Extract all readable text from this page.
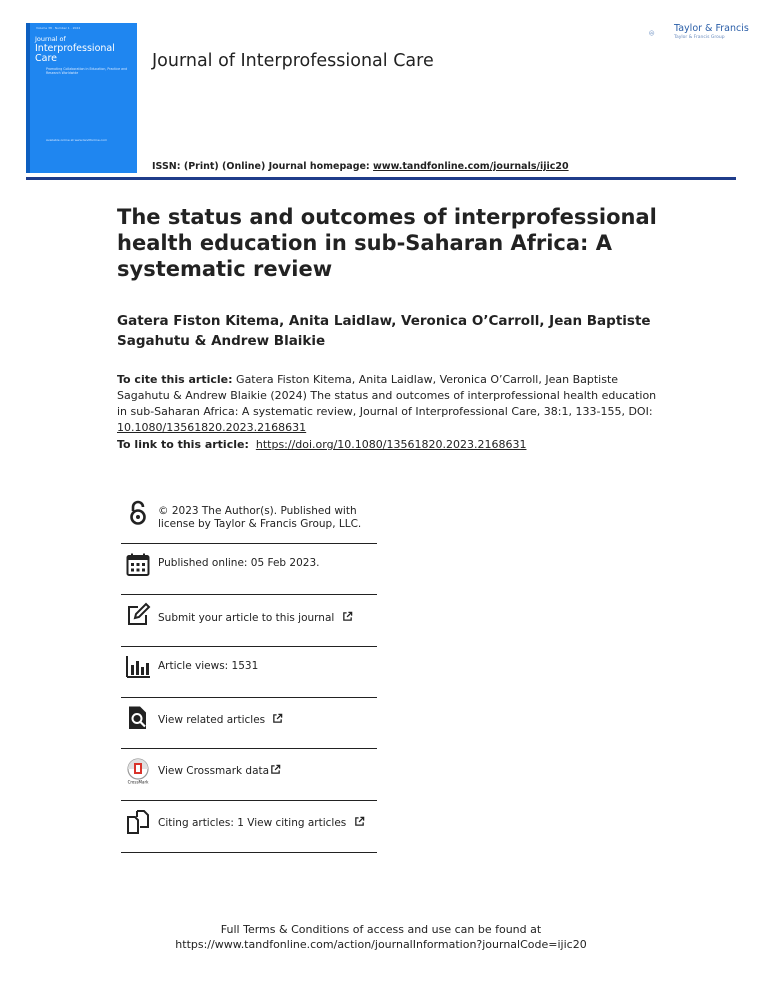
Volume 38 · Number 1 · 2024
Journal of
Interprofessional Care
Promoting Collaboration in Education, Practice and Research Worldwide
Available online at www.tandfonline.com
Journal of Interprofessional Care
Taylor & Francis
Taylor & Francis Group
ISSN: (Print) (Online) Journal homepage: www.tandfonline.com/journals/ijic20
The status and outcomes of interprofessional health education in sub-Saharan Africa: A systematic review
Gatera Fiston Kitema, Anita Laidlaw, Veronica O’Carroll, Jean Baptiste Sagahutu & Andrew Blaikie
To cite this article: Gatera Fiston Kitema, Anita Laidlaw, Veronica O’Carroll, Jean Baptiste Sagahutu & Andrew Blaikie (2024) The status and outcomes of interprofessional health education in sub-Saharan Africa: A systematic review, Journal of Interprofessional Care, 38:1, 133-155, DOI: 10.1080/13561820.2023.2168631
To link to this article: https://doi.org/10.1080/13561820.2023.2168631
© 2023 The Author(s). Published with
license by Taylor & Francis Group, LLC.
Published online: 05 Feb 2023.
Submit your article to this journal
Article views: 1531
View related articles
CrossMark
View Crossmark data
Citing articles: 1 View citing articles
Full Terms & Conditions of access and use can be found at
https://www.tandfonline.com/action/journalInformation?journalCode=ijic20
